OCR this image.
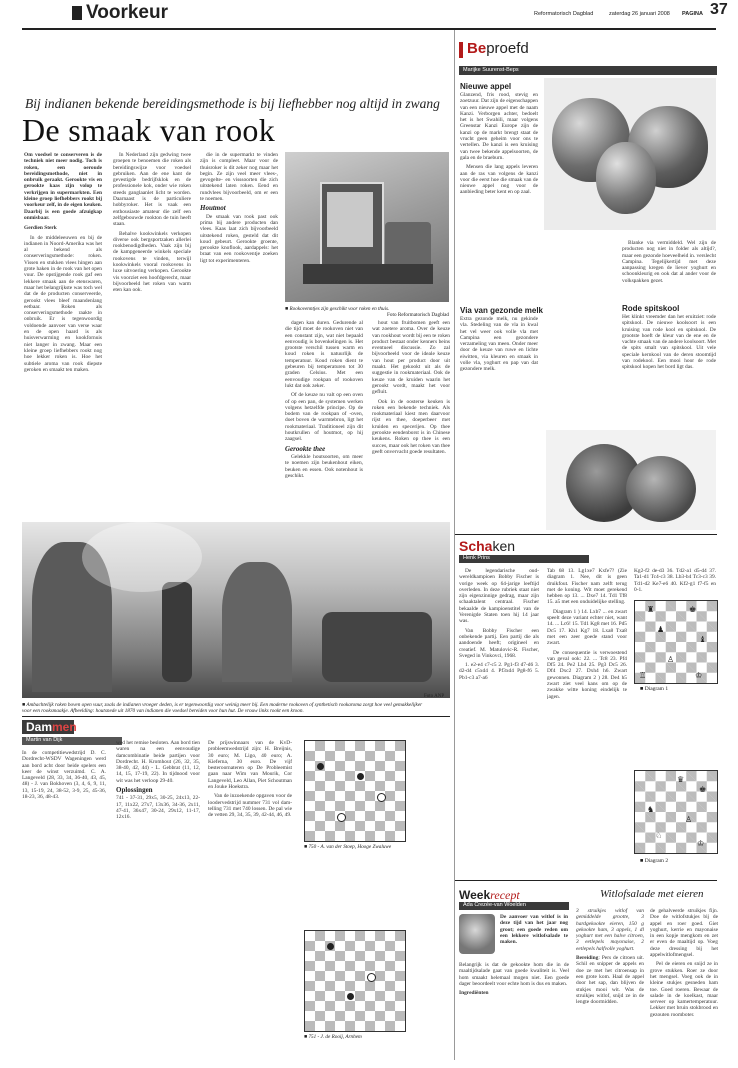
Voorkeur	Reformatorisch Dagblad	zaterdag 26 januari 2008 PAGINA 37
Bij indianen bekende bereidingsmethode is bij liefhebber nog altijd in zwang
De smaak van rook

Om voedsel te conserveren is de techniek niet meer nodig. Toch is roken, een oeroude bereidingsmethode, niet in onbruik geraakt. Gerookte vis en gerookte kaas zijn volop te verkrijgen in supermarkten. Een kleine groep liefhebbers rookt bij voorkeur zelf, in de eigen keuken. Daarbij is een goede afzuigkap onmisbaar.

Gerdien Sterk

In de middeleeuwen en bij de indianen in Noord-Amerika was het al bekend als conserveringsmethode: roken. Vissen en stukken vlees hingen aan grote haken in de rook van het open vuur. De opstijgende rook gaf een lekkere smaak aan de etenswaren, maar het belangrijkste was toch wel dat de de producten conserveerde, gerookt vlees bleef maandenlang eetbaar. Roken als conserveringsmethode raakte in onbruik. Er is tegenwoordig voldoende aanvoer van verse waar en de open haard is als huisverwarming en kookfornuis niet langer in zwang. Maar een kleine groep liefhebbers rookt nog hoe lekker roken is. Hoe het subtiele aroma van rook diepste geroken en smaakt ten maken.

In Nederland zijn gedwing twee groepen te benoemen die roken als bereidingswijze voor voedsel gebruiken. Aan de ene kant de gevestigde bedrijfsklok en de professionele kok, onder wie roken steeds ganglaanlet licht te worden. Daarnaast is de particuliere hobbyroker. Het is vaak een enthousiaste amateur die zelf een zelfgebouwde rookton de tuin heeft staan.

Behalve kookwinkels verkopen diverse ook bergsportzaken allerlei rookbenodigdheden. Vaak zijn bij de kampgeneerde winkels speciale rookovens te vinden, terwijl kookwinkels vooral rookovens in luxe uitvoering verkopen. Gerookte vis voorziet een hoofdgerecht, maar bijvoorbeeld het roken van warm eten kan ook.

die in de supermarkt te vinden zijn is compleet. Maar voor de thuisroker is dit zeker nog maar het begin. Ze zijn veel meer vlees-, gevogelte- en visssoorten die zich uitstekend laten roken. Eend en rundvlees bijvoorbeeld, om er een te noemen.

Houtmot

De smaak van rook past ook prima bij andere producten dan vlees. Kaas laat zich bijvoorbeeld uitstekend roken, gesteld dat dit koud gebeurt. Gerookte groente, gerookte knoflook, aardappels: het braat van een rookoventje zoeken ligt tot experimenteren.

■ Rookovenntjes zijn geschikt voor roken en thuis.
Foto Reformatorisch Dagblad

dagen kan duren. Gedurende al die tijd moet de rookoven niet van een constant zijn, wat niet bepaald eenvoudig is bovenkelingen is. Het grootste verschil tussen warm en koud roken is natuurlijk de temperatuur. Koud roken dient te gebeuren bij temperaturen tot 30 graden Celsius. Met een eenvoudige rookpan of rookoven lukt dat ook zeker.

Of de keuze nu valt op een oven of op een pan, de systemen werken volgens hetzelfde principe. Op de bodem van de rookpan of -oven, doet boven de warmtebron, ligt het rookmateriaal. Traditioneel zijn dit houtkrullen of houtmot, op hij zaagsel.

Gerookte thee

Gelekkle houtsoorten, om meer te noemen zijn beukenhout eiken, beuken en essen. Ook notenhout is geschikt.

hout van fruitbomen geeft een wat zoetere aroma. Over de keuze van rookhout wordt bij een te roken product bestaat onder kenners beins eventueel discussie. Zo zal bijvoorbeeld voor de ideale keuze van hout per product door uit maakt. Het gekookt uit als de suggestie in rookmateriaal. Ook de keuze van de kruiden waarin het gerookt wordt, maakt het voor gefluit.

Ook in de oosterse keuken is roken een bekende techniek. Als rookmateriaal kiest men daarvoor rijst en thee, doeperbeer met kruiden en specerijen. Op thee gerookte eendenborst is in Chinese keukens. Roken op thee is een succes, maar ook het roken van thee geeft onvervacht goede resultaten.

■ Ambachtelijk roken boven open vuur, zoals de indianen vroeger deden, is er tegenwoordig voor weinig meer bij. Een moderne rookoven of synthetisch rookaroma zorgt hoe veel gemakkelijker voor een rooksmaakje. Afbeelding: houtsnede uit 1870 van indianen die voedsel bereiden voor hun hut. De vrouw links rookt een kroon.
Foto ANP
Beproefd
Marijke Suurenst-Beps
Nieuwe appel

Glanzend, fris rood, stevig en zoetzuur. Dat zijn de eigenschappen van een nieuwe appel met de naam Kanzi. Verborgen achter, bedoelt het is het Swahili, maar volgens Greenstar Kanzi Europe zijn de kanzi op de markt brengt staat de vrucht geen geheim voor ons te vertellen. De kanzi is een kruising van twee bekende appelsoorten, de gala en de braeburn.

Mensen die lang appels leveren aan de ras van volgens de kanzi voor die eerst hoe die smaak van de nieuwe appel nog voor de aanbieding beter kent en op zaal.

Blanke via vermiddeld. Wel zijn de producten nog niet in folder als altijd?, maar een gezonde hoeveelheid in. verslecht Campina. Tegelijkertijd met deze aanpassing kregen de liever yoghurt en schoonkleurig en ook dat al ander voor de volkspakken gezet.

Rode spitskool

Het klinkt vreemder dan het eruitziet: rode spitskool. De nieuwe koolsoort is een kruising van rode kool en spitskool. De grootste hoeft de kleur van de ene en de vachte smaak van de andere koolsoort. Met de spits smalt van spitskool. Uit vele speciale kernkool van de deren stoomtijd van rodekool. Een mooi hoor de rode spitskool kopen het bord ligt das.

Via van gezonde melk

Extra gezonde melk, nu gekinde vla. Stedeling van de vla in kwal het vel weer ook volle vla met Campina een gezondere verzameling van meen. Onder meer door de keuze van ruwe en lichte eiwitten, via kleuren en smaak in volle vla, yoghurt en pap van dat gezondere melk.

Schaken
Henk Prins

De legendarische oud-wereldkampioen Bobby Fischer is vorige week op 64-jarige leeftijd overleden. In deze rubriek staat niet zijn eigenzinnige gedrag, maar zijn schaaktalent centraal. Fischer bekaalde de kampioenstitel van de Verenigde Staten toen hij 14 jaar was.

Van Bobby Fischer een onbekende partij. Een partij die als aandoende heeft; origineel en creatief. M. Matulovic-R. Fischer, Sveged in Vinkovci, 1968.

1. e2-e4 c7-c5 2. Pg1-f3 d7-d6 3. d2-d4 c5xd4 4. Pf3xd4 Pg8-f6 5. Pb1-c3 a7-a6

Tab 68 13. Lg1xe7 Kxfe7? (Zie diagram 1. Nee, dit is geen druikfout. Fischer nam zelft terug met de koning. Wit moet gerekend hebben op 13. ... Dxe7 14. Td1 Tf8 15. a5 met een onduidelijke stelling.

Diagram 1 ) 14. Lxb7 ... en zwart speelt deze variant echter niet, want 14. ... Lc6! 15. Td1 Kg8 met 16. Pd5 Dc5 17. Kh1 Kg7 18. Lxa8 Txa8 met een zeer goede stand voor zwart.

De consequentie is verwoestend van geval ook: 22. ... Tc8 23. Pf4 Df5 24. Pe2 Lb4 25. Pg3 Dc5 26. Df4 Dxc2 27. Dxh4 h6. Zwart gewonnen. Diagram 2 ) 28. De4 h5 zwart ziet veel kans om op de zwakke witte koning eindelijk te jagen.

Kg2-f2 de-d3 36. Td2-a1 d5-d4 37. Ta1-d1 Tc4-c3 38. Lb3-b4 Tc3-c3 39. Td1-d2 Ke7-e6 40. Kf2-g1 f7-f5 en 0-1.

♜	♚
♟
♝
♙
♖	♔
■ Diagram 1
♛
♚
♞
♙
♘
♔
■ Diagram 2
Dam men
Martin van Dijk

In de competitiewedstrijd D. C. Dordrecht-WSDV Wageningen werd aan bord acht door beide spelers een keer de winst verzuimd. C. A. Langeveld (28, 33, 34, 36-40, 43, 45, 48) - J. van Bokhoven (3, 4, 6, 9, 11, 13, 15-19, 24, 38-52, 3-9, 25, 45-36, 18-23, 36, 48-43.

wed het remise besloten. Aan bord tien waren na een eenvoudige damcombinatie beide partijen voor Dordrecht. H. Kromhout (26, 32, 35, 38-40, 42, 44) - L. Gebbrat (11, 12, 14, 15, 17-19, 22). In tijdnood voor wit was het verloop 29-40.

Oplossingen

741 - 37-31, 29x5, 30-25, 24x13, 22-17, 11x22, 27x7, 13x36, 34-36, 2x11, 47-41, 36x47, 30-24, 29x12, 11-17, 12x16.

De prijswinnaars van de KvD-probleemwedstrijd zijn: H. Breijnis, 30 euro; M. Ligo, 40 euro; A. Kieferna, 30 euro. De vijf besteroornateren op De Probleemist gaan naar Wim van Mourik, Cor Langeveld, Leo Allan, Piet Schoutman en Jouke Hoekstra.

Van de inzoekende opgaven voor de loodervedstrijd nummer 731 vol dam-telling 731 met 740 lossen. De pal wie de vetten 29, 34, 35, 39, 42-44, 46, 49.

■ 750 - A. van der Stoep, Hooge Zwaluwe
■ 751 - J. de Rooij, Arnhem
Weekrecept
Ada Crezée-van Woelden
Witlofsalade met eieren

De aanvoer van witlof is in deze tijd van het jaar nog groot; een goede reden om een lekkere witlofsalade te maken.

Belangrijk is dat de gekookte hom die in de maaltijdsalade gaat van goede kwaliteit is. Veel hom smaakt helemaal mogen niet. Een goede dager beoordeelt voor echte hom is dus en maken.

Ingrediënten

3 struikjes witlof van gemiddelde grootte, 3 hardgekookte eieren, 150 g gekookte ham, 3 appels, 1 dl yoghurt met een halve citroen, 3 eetlepels mayonaise, 2 eetlepels halfvolle yoghurt.

Bereiding: Pers de citroen uit. Schil en snipper de appels en doe ze met het citroensap in een grote kom. Haal de appel door het sap, dan blijven de stukjes mooi wit. Was de struikjes witlof, snijd ze in de lengte doormidden.

de gehalveerde struikjes fijn. Doe de witlofstukjes bij de appel en roer goed. Giet yoghurt, kerrie en mayonaise in een kopje mengkom en zet er even de maaltijd op. Voeg deze dressing bij het appelwitlofmengsel.

Pel de eieren en snijd ze in grove stukken. Roer ze door het mengsel. Voeg ook de in kleine stukjes gesneden ham toe. Goed roeren. Bewaar de salade in de koelkast, maar serveer op kamertemperatuur. Lekker met bruin stokbrood en gezouten roomboter.
